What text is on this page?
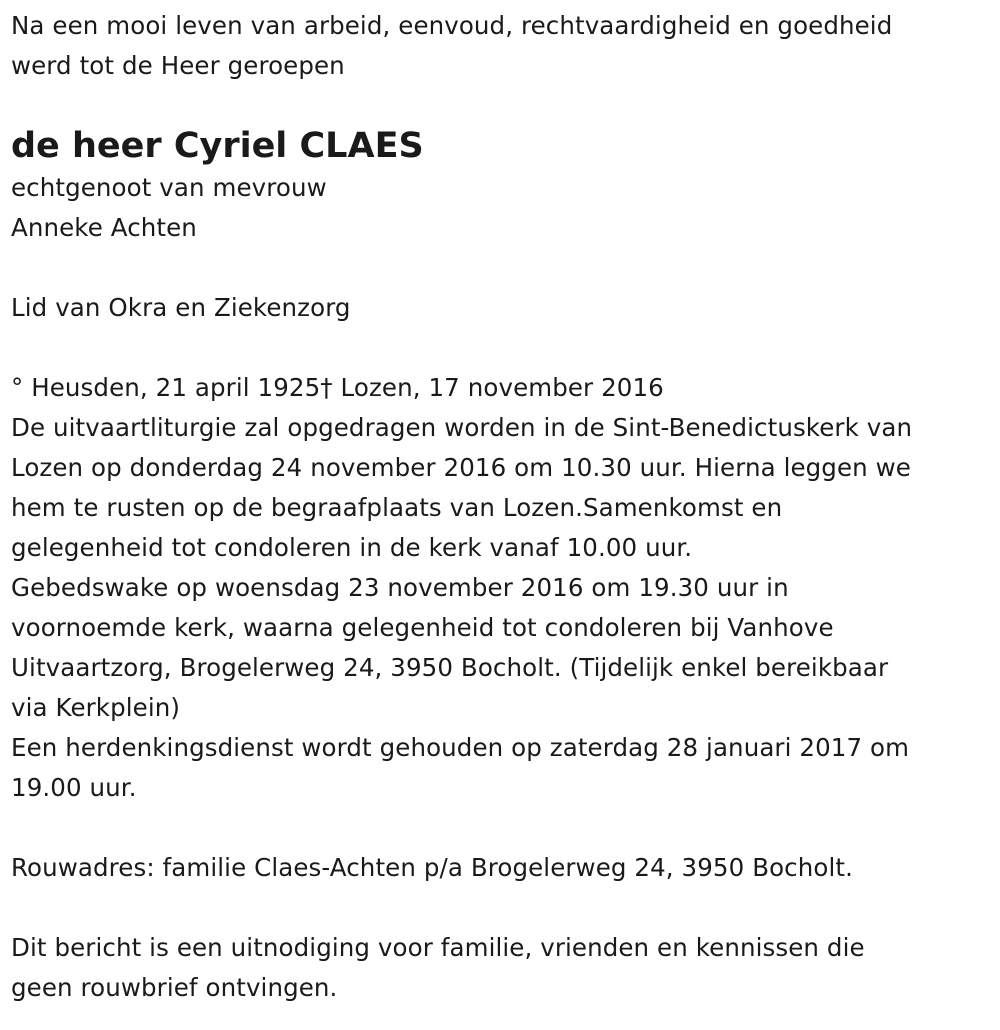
Na een mooi leven van arbeid, eenvoud, rechtvaardigheid en goedheid

werd tot de Heer geroepen

de heer Cyriel CLAES

echtgenoot van mevrouw

Anneke Achten

Lid van Okra en Ziekenzorg

° Heusden, 21 april 1925† Lozen, 17 november 2016

De uitvaartliturgie zal opgedragen worden in de Sint-Benedictuskerk van

Lozen op donderdag 24 november 2016 om 10.30 uur. Hierna leggen we

hem te rusten op de begraafplaats van Lozen.Samenkomst en

gelegenheid tot condoleren in de kerk vanaf 10.00 uur.

Gebedswake op woensdag 23 november 2016 om 19.30 uur in

voornoemde kerk, waarna gelegenheid tot condoleren bij Vanhove

Uitvaartzorg, Brogelerweg 24, 3950 Bocholt. (Tijdelijk enkel bereikbaar

via Kerkplein)

Een herdenkingsdienst wordt gehouden op zaterdag 28 januari 2017 om

19.00 uur.

Rouwadres: familie Claes-Achten p/a Brogelerweg 24, 3950 Bocholt.

Dit bericht is een uitnodiging voor familie, vrienden en kennissen die

geen rouwbrief ontvingen.
